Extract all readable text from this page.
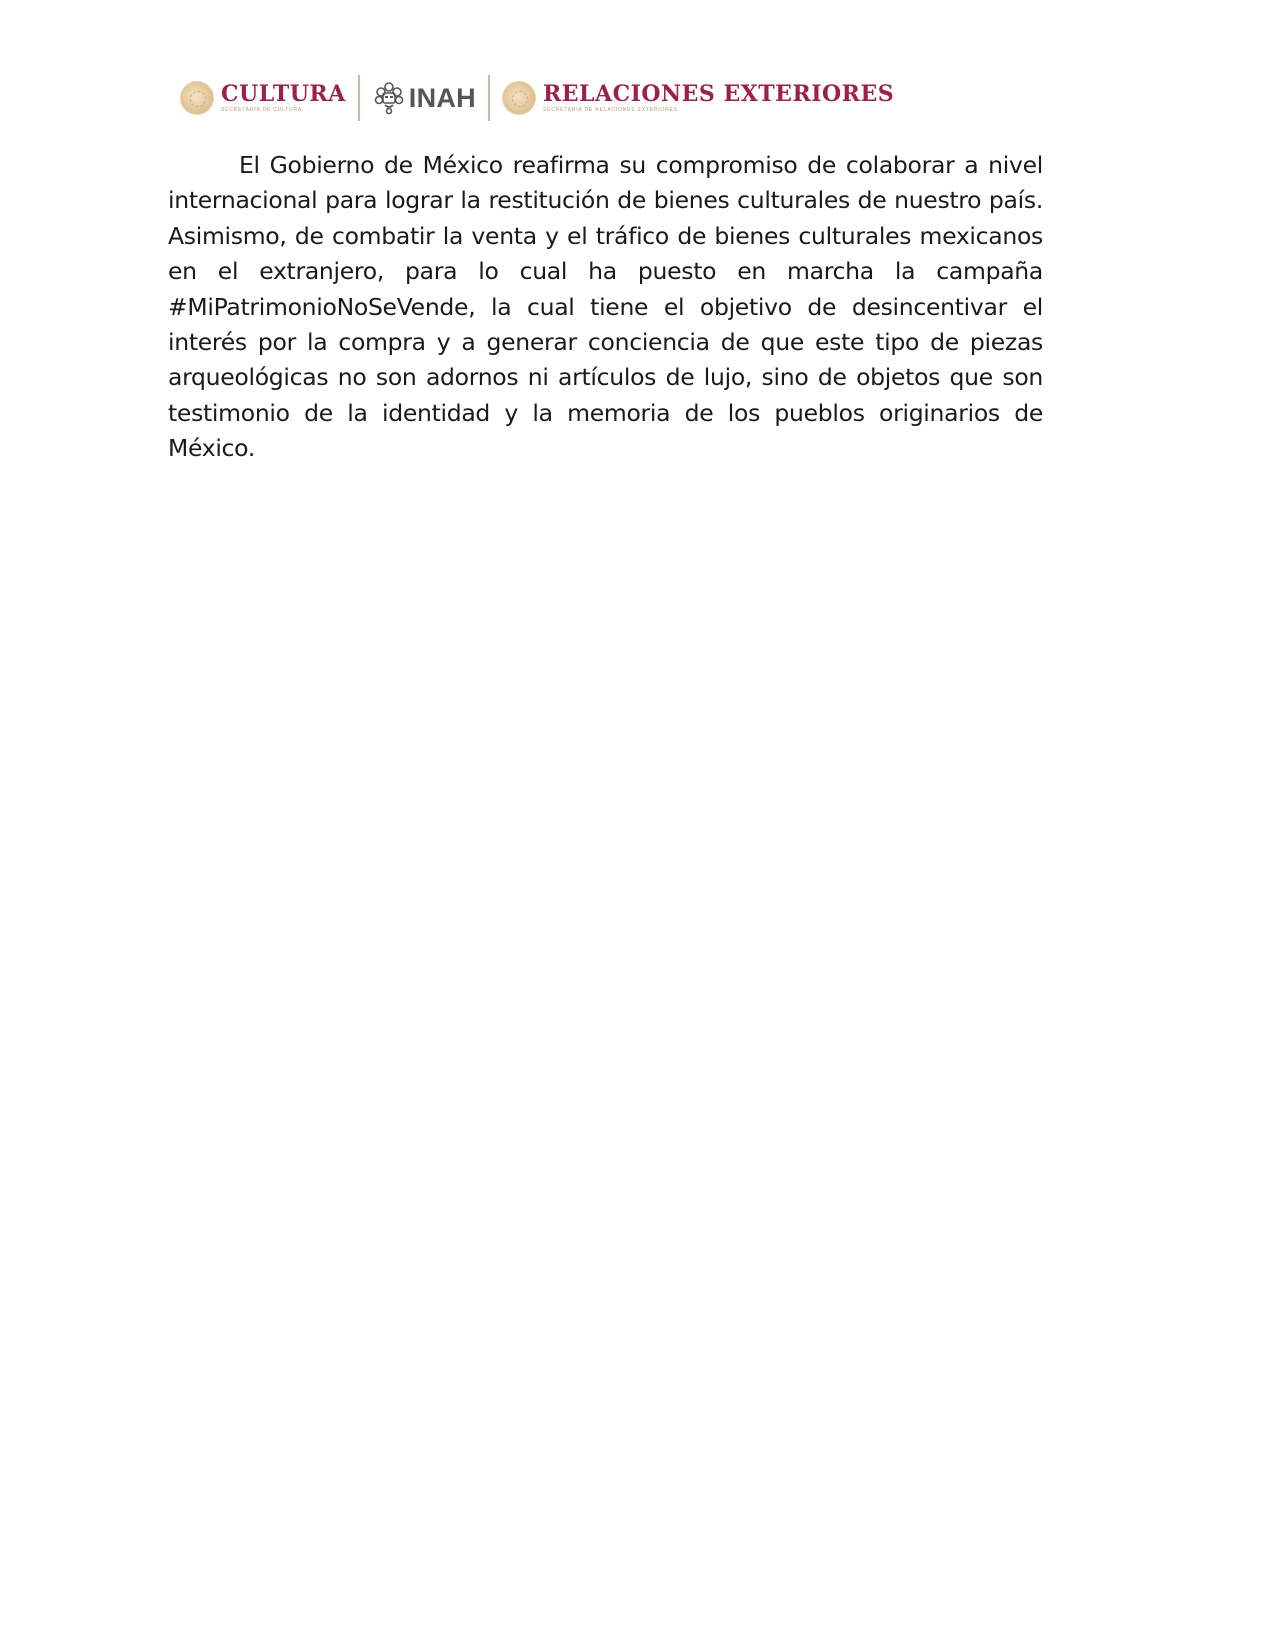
CULTURA
SECRETARÍA DE CULTURA	INAH	RELACIONES EXTERIORES
SECRETARÍA DE RELACIONES EXTERIORES

El Gobierno de México reafirma su compromiso de colaborar a nivel internacional para lograr la restitución de bienes culturales de nuestro país. Asimismo, de combatir la venta y el tráfico de bienes culturales mexicanos en el extranjero, para lo cual ha puesto en marcha la campaña #MiPatrimonioNoSeVende, la cual tiene el objetivo de desincentivar el interés por la compra y a generar conciencia de que este tipo de piezas arqueológicas no son adornos ni artículos de lujo, sino de objetos que son testimonio de la identidad y la memoria de los pueblos originarios de México.
